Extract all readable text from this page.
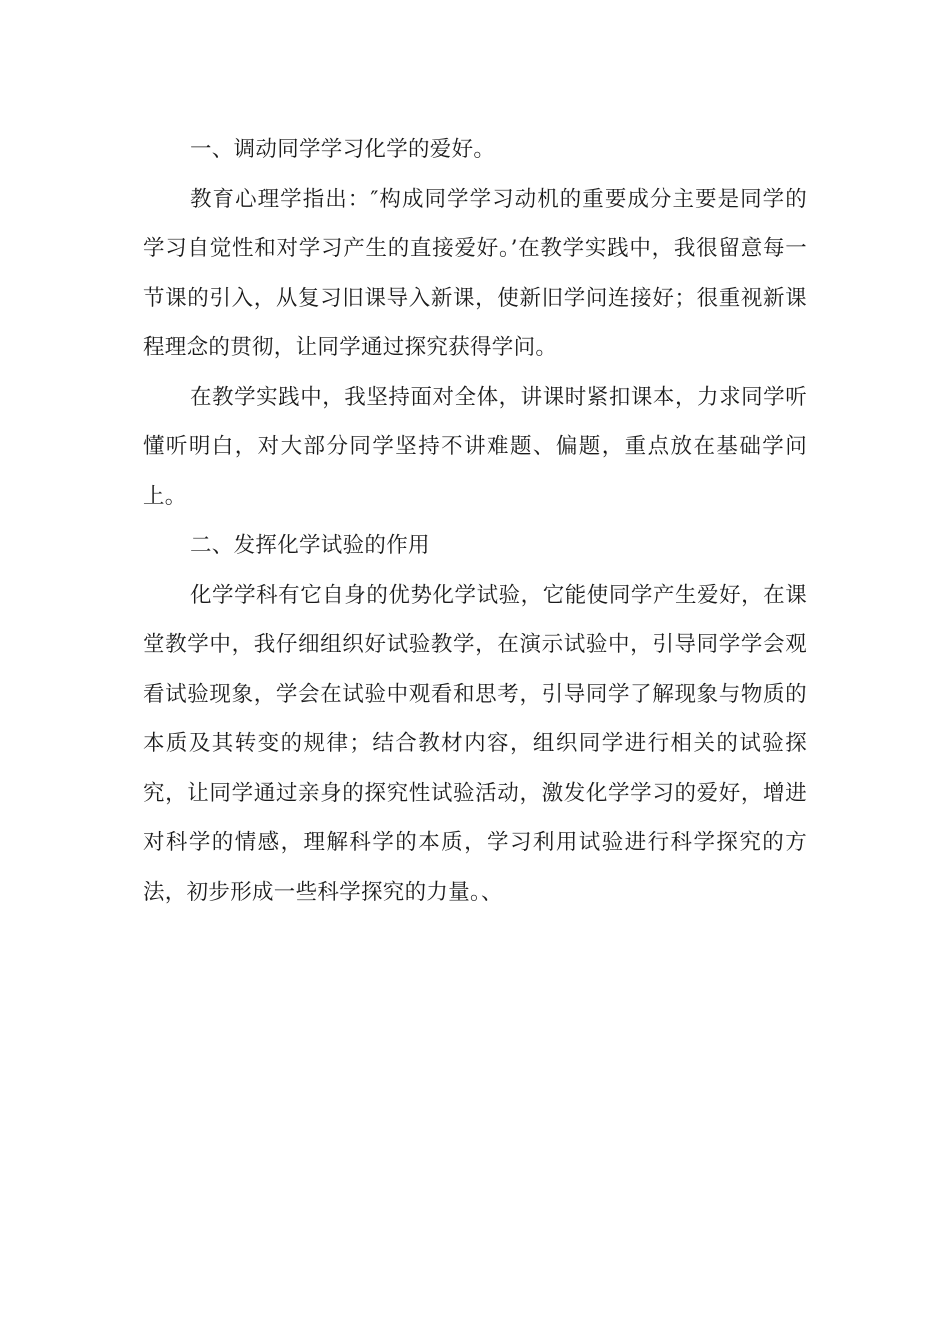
一、调动同学学习化学的爱好。

教育心理学指出：″构成同学学习动机的重要成分主要是同学的学习自觉性和对学习产生的直接爱好。’在教学实践中，我很留意每一节课的引入，从复习旧课导入新课，使新旧学问连接好；很重视新课程理念的贯彻，让同学通过探究获得学问。

在教学实践中，我坚持面对全体，讲课时紧扣课本，力求同学听懂听明白，对大部分同学坚持不讲难题、偏题，重点放在基础学问上。

二、发挥化学试验的作用

化学学科有它自身的优势化学试验，它能使同学产生爱好，在课堂教学中，我仔细组织好试验教学，在演示试验中，引导同学学会观看试验现象，学会在试验中观看和思考，引导同学了解现象与物质的本质及其转变的规律；结合教材内容，组织同学进行相关的试验探究，让同学通过亲身的探究性试验活动，激发化学学习的爱好，增进对科学的情感，理解科学的本质，学习利用试验进行科学探究的方法，初步形成一些科学探究的力量。、
